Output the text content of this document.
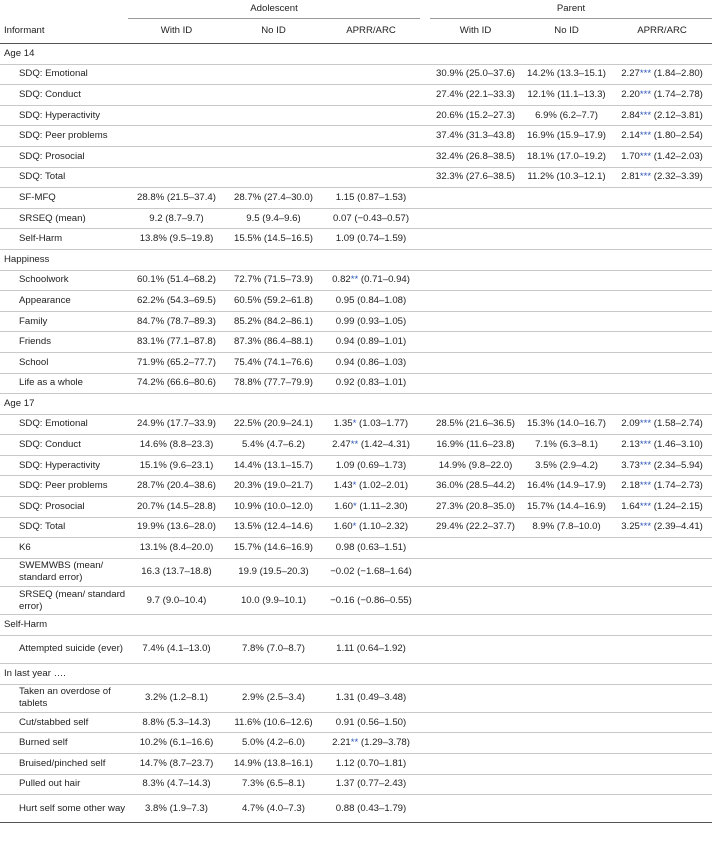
	Adolescent				Parent		
Informant	With ID	No ID	APRR/ARC		With ID	No ID	APRR/ARC
Age 14							
SDQ: Emotional					30.9% (25.0–37.6)	14.2% (13.3–15.1)	2.27*** (1.84–2.80)
SDQ: Conduct					27.4% (22.1–33.3)	12.1% (11.1–13.3)	2.20*** (1.74–2.78)
SDQ: Hyperactivity					20.6% (15.2–27.3)	6.9% (6.2–7.7)	2.84*** (2.12–3.81)
SDQ: Peer problems					37.4% (31.3–43.8)	16.9% (15.9–17.9)	2.14*** (1.80–2.54)
SDQ: Prosocial					32.4% (26.8–38.5)	18.1% (17.0–19.2)	1.70*** (1.42–2.03)
SDQ: Total					32.3% (27.6–38.5)	11.2% (10.3–12.1)	2.81*** (2.32–3.39)
SF-MFQ	28.8% (21.5–37.4)	28.7% (27.4–30.0)	1.15 (0.87–1.53)				
SRSEQ (mean)	9.2 (8.7–9.7)	9.5 (9.4–9.6)	0.07 (−0.43–0.57)				
Self-Harm	13.8% (9.5–19.8)	15.5% (14.5–16.5)	1.09 (0.74–1.59)				
Happiness							
Schoolwork	60.1% (51.4–68.2)	72.7% (71.5–73.9)	0.82** (0.71–0.94)				
Appearance	62.2% (54.3–69.5)	60.5% (59.2–61.8)	0.95 (0.84–1.08)				
Family	84.7% (78.7–89.3)	85.2% (84.2–86.1)	0.99 (0.93–1.05)				
Friends	83.1% (77.1–87.8)	87.3% (86.4–88.1)	0.94 (0.89–1.01)				
School	71.9% (65.2–77.7)	75.4% (74.1–76.6)	0.94 (0.86–1.03)				
Life as a whole	74.2% (66.6–80.6)	78.8% (77.7–79.9)	0.92 (0.83–1.01)				
Age 17							
SDQ: Emotional	24.9% (17.7–33.9)	22.5% (20.9–24.1)	1.35* (1.03–1.77)		28.5% (21.6–36.5)	15.3% (14.0–16.7)	2.09*** (1.58–2.74)
SDQ: Conduct	14.6% (8.8–23.3)	5.4% (4.7–6.2)	2.47** (1.42–4.31)		16.9% (11.6–23.8)	7.1% (6.3–8.1)	2.13*** (1.46–3.10)
SDQ: Hyperactivity	15.1% (9.6–23.1)	14.4% (13.1–15.7)	1.09 (0.69–1.73)		14.9% (9.8–22.0)	3.5% (2.9–4.2)	3.73*** (2.34–5.94)
SDQ: Peer problems	28.7% (20.4–38.6)	20.3% (19.0–21.7)	1.43* (1.02–2.01)		36.0% (28.5–44.2)	16.4% (14.9–17.9)	2.18*** (1.74–2.73)
SDQ: Prosocial	20.7% (14.5–28.8)	10.9% (10.0–12.0)	1.60* (1.11–2.30)		27.3% (20.8–35.0)	15.7% (14.4–16.9)	1.64*** (1.24–2.15)
SDQ: Total	19.9% (13.6–28.0)	13.5% (12.4–14.6)	1.60* (1.10–2.32)		29.4% (22.2–37.7)	8.9% (7.8–10.0)	3.25*** (2.39–4.41)
K6	13.1% (8.4–20.0)	15.7% (14.6–16.9)	0.98 (0.63–1.51)				
SWEMWBS (mean/ standard error)	16.3 (13.7–18.8)	19.9 (19.5–20.3)	−0.02 (−1.68–1.64)				
SRSEQ (mean/ standard error)	9.7 (9.0–10.4)	10.0 (9.9–10.1)	−0.16 (−0.86–0.55)				
Self-Harm							
Attempted suicide (ever)	7.4% (4.1–13.0)	7.8% (7.0–8.7)	1.11 (0.64–1.92)				
In last year ….							
Taken an overdose of tablets	3.2% (1.2–8.1)	2.9% (2.5–3.4)	1.31 (0.49–3.48)				
Cut/stabbed self	8.8% (5.3–14.3)	11.6% (10.6–12.6)	0.91 (0.56–1.50)				
Burned self	10.2% (6.1–16.6)	5.0% (4.2–6.0)	2.21** (1.29–3.78)				
Bruised/pinched self	14.7% (8.7–23.7)	14.9% (13.8–16.1)	1.12 (0.70–1.81)				
Pulled out hair	8.3% (4.7–14.3)	7.3% (6.5–8.1)	1.37 (0.77–2.43)				
Hurt self some other way	3.8% (1.9–7.3)	4.7% (4.0–7.3)	0.88 (0.43–1.79)				
